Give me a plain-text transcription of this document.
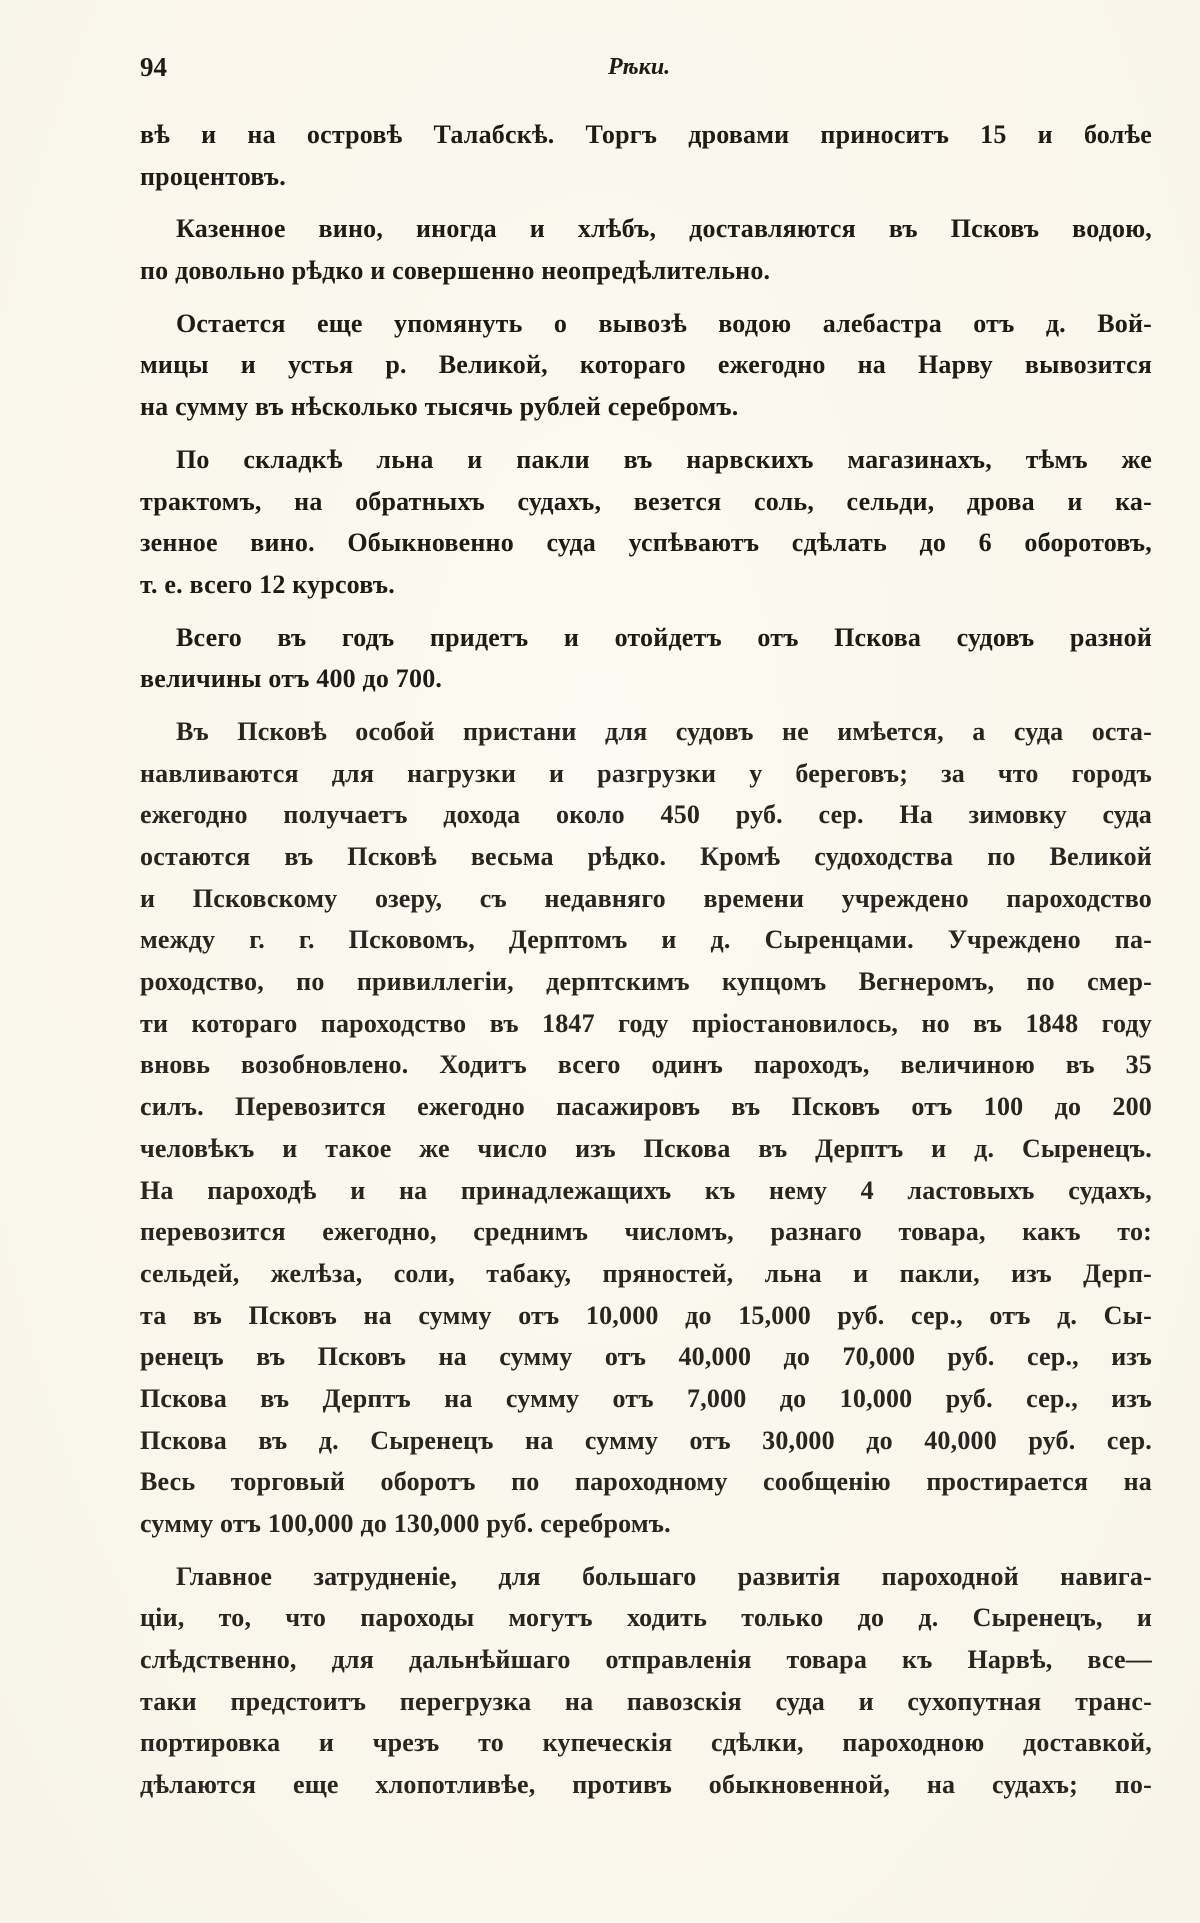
94	Рѣки.
вѣ и на островѣ Талабскѣ. Торгъ дровами приноситъ 15 и болѣе
процентовъ.
Казенное вино, иногда и хлѣбъ, доставляются въ Псковъ водою,
по довольно рѣдко и совершенно неопредѣлительно.
Остается еще упомянуть о вывозѣ водою алебастра отъ д. Вой-
мицы и устья р. Великой, котораго ежегодно на Нарву вывозится
на сумму въ нѣсколько тысячь рублей серебромъ.
По складкѣ льна и пакли въ нарвскихъ магазинахъ, тѣмъ же
трактомъ, на обратныхъ судахъ, везется соль, сельди, дрова и ка-
зенное вино. Обыкновенно суда успѣваютъ сдѣлать до 6 оборотовъ,
т. е. всего 12 курсовъ.
Всего въ годъ придетъ и отойдетъ отъ Пскова судовъ разной
величины отъ 400 до 700.
Въ Псковѣ особой пристани для судовъ не имѣется, а суда оста-
навливаются для нагрузки и разгрузки у береговъ; за что городъ
ежегодно получаетъ дохода около 450 руб. сер. На зимовку суда
остаются въ Псковѣ весьма рѣдко. Кромѣ судоходства по Великой
и Псковскому озеру, съ недавняго времени учреждено пароходство
между г. г. Псковомъ, Дерптомъ и д. Сыренцами. Учреждено па-
роходство, по привиллегіи, дерптскимъ купцомъ Вегнеромъ, по смер-
ти котораго пароходство въ 1847 году пріостановилось, но въ 1848 году
вновь возобновлено. Ходитъ всего одинъ пароходъ, величиною въ 35
силъ. Перевозится ежегодно пасажировъ въ Псковъ отъ 100 до 200
человѣкъ и такое же число изъ Пскова въ Дерптъ и д. Сыренецъ.
На пароходѣ и на принадлежащихъ къ нему 4 ластовыхъ судахъ,
перевозится ежегодно, среднимъ числомъ, разнаго товара, какъ то:
сельдей, желѣза, соли, табаку, пряностей, льна и пакли, изъ Дерп-
та въ Псковъ на сумму отъ 10,000 до 15,000 руб. сер., отъ д. Сы-
ренецъ въ Псковъ на сумму отъ 40,000 до 70,000 руб. сер., изъ
Пскова въ Дерптъ на сумму отъ 7,000 до 10,000 руб. сер., изъ
Пскова въ д. Сыренецъ на сумму отъ 30,000 до 40,000 руб. сер.
Весь торговый оборотъ по пароходному сообщенію простирается на
сумму отъ 100,000 до 130,000 руб. серебромъ.
Главное затрудненіе, для большаго развитія пароходной навига-
ціи, то, что пароходы могутъ ходить только до д. Сыренецъ, и
слѣдственно, для дальнѣйшаго отправленія товара къ Нарвѣ, все—
таки предстоитъ перегрузка на павозскія суда и сухопутная транс-
портировка и чрезъ то купеческія сдѣлки, пароходною доставкой,
дѣлаются еще хлопотливѣе, противъ обыкновенной, на судахъ; по-
